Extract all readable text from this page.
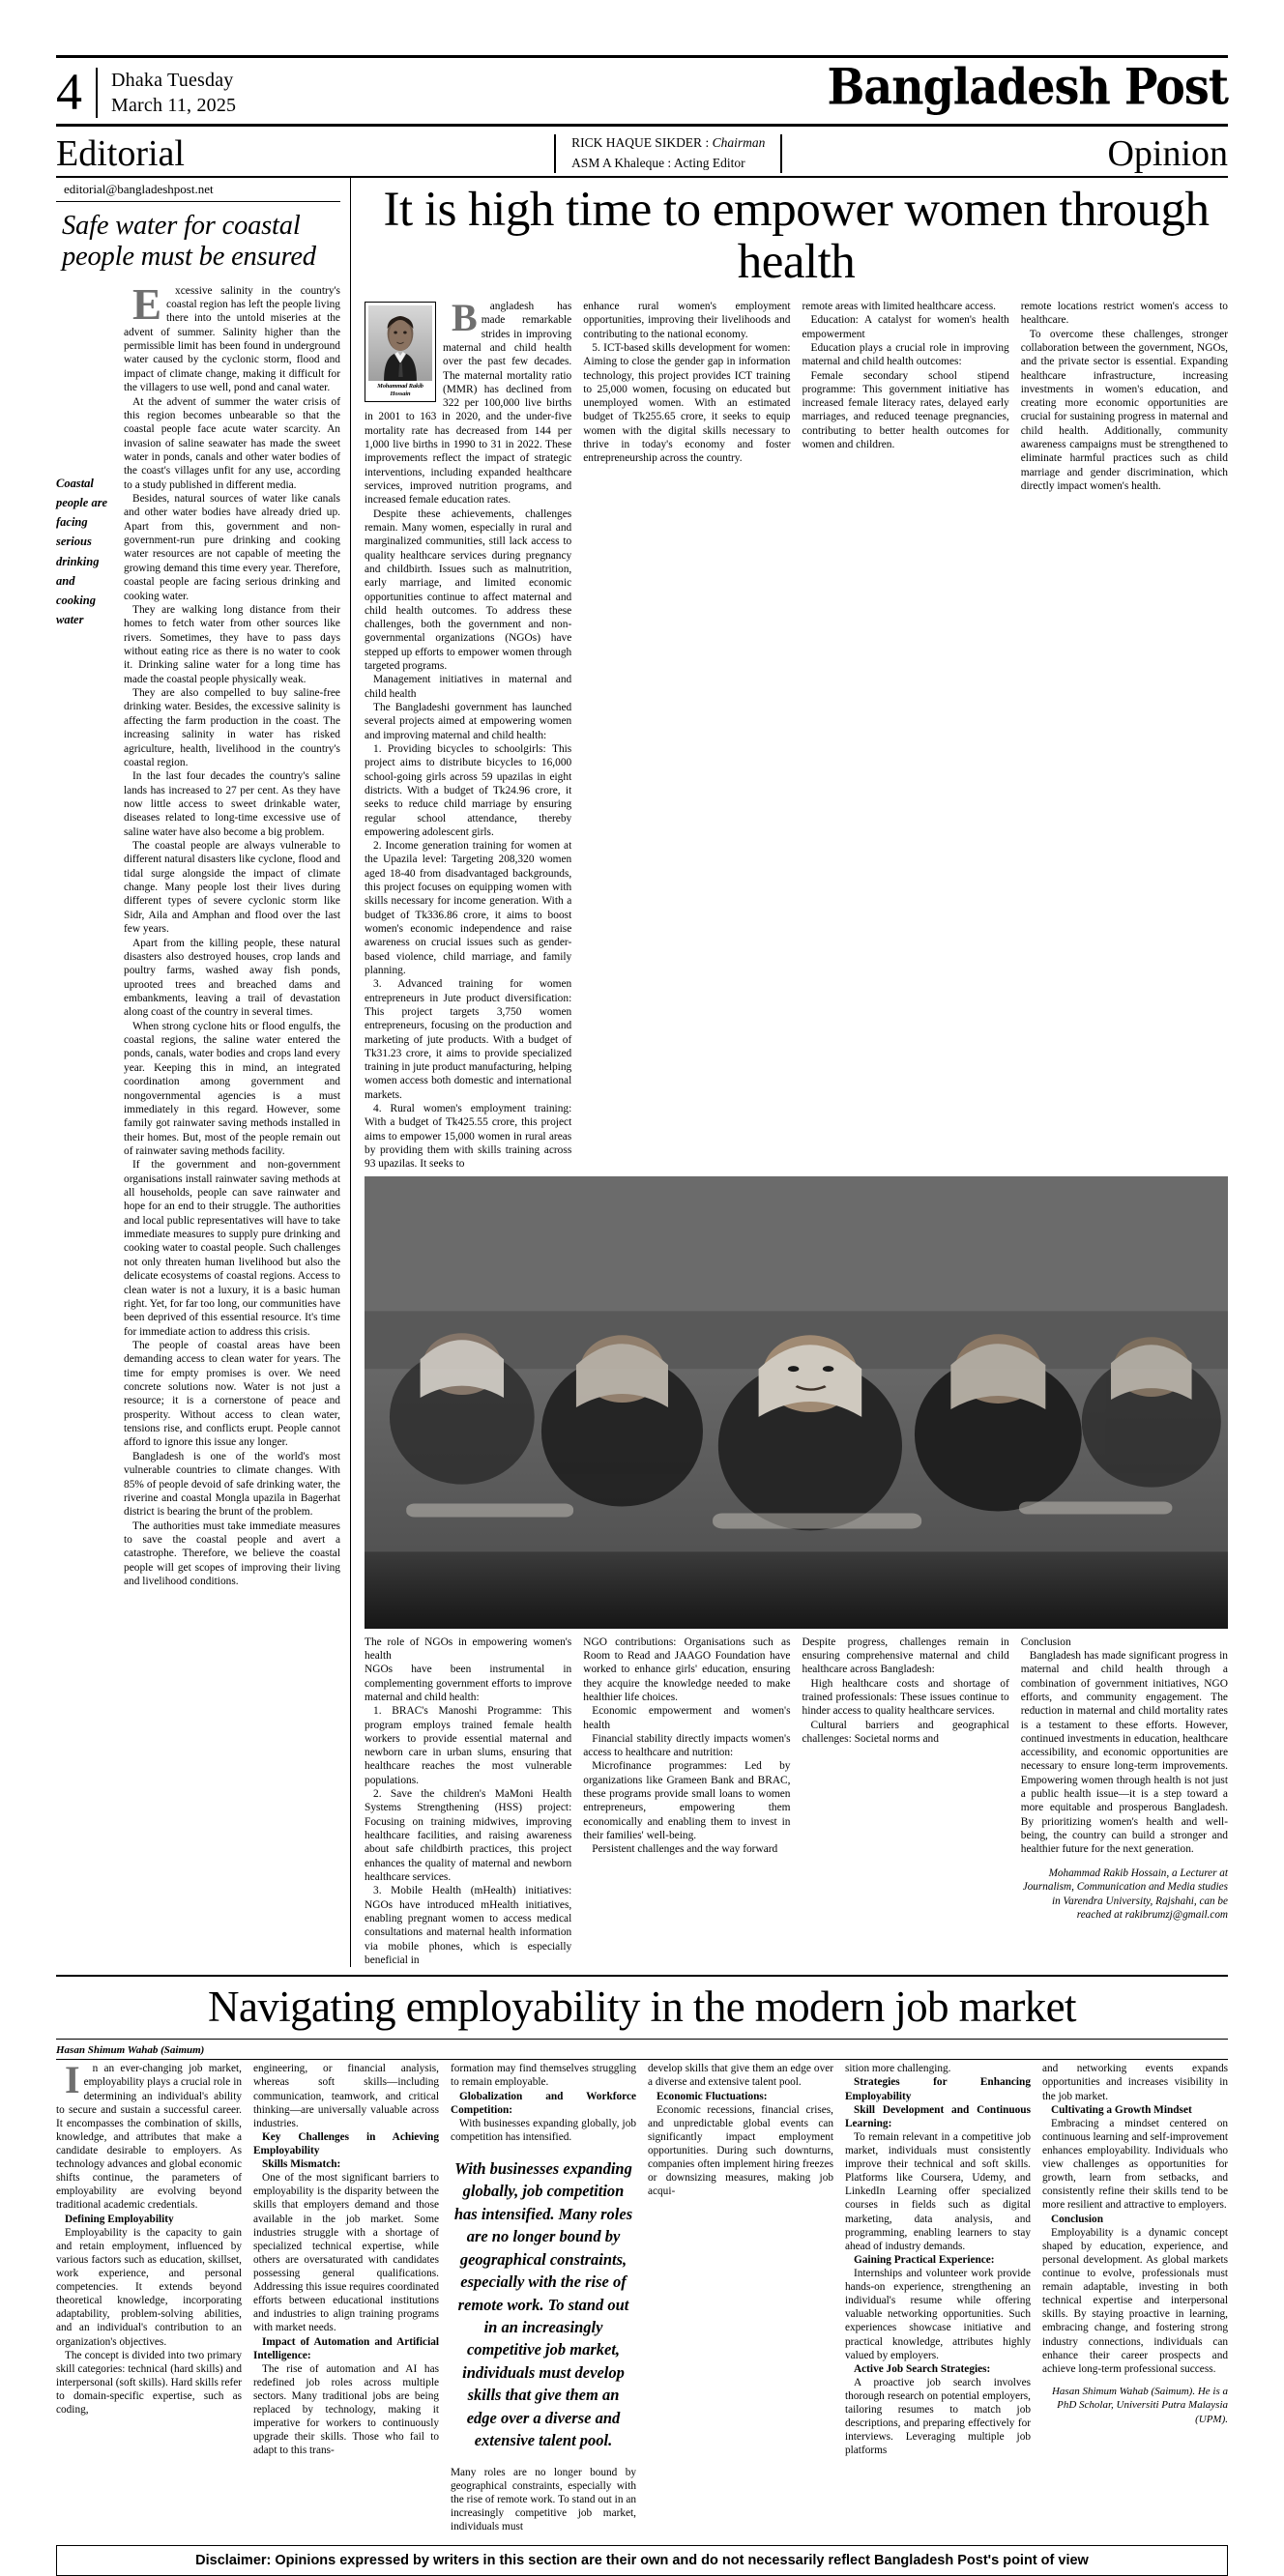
4 Dhaka Tuesday
March 11, 2025	Bangladesh Post
Editorial	RICK HAQUE SIKDER : Chairman
ASM A Khaleque : Acting Editor	Opinion
editorial@bangladeshpost.net
Safe water for coastal people must be ensured
Coastal people are facing serious drinking and cooking water

Excessive salinity in the country's coastal region has left the people living there into the untold miseries at the advent of summer. Salinity higher than the permissible limit has been found in underground water caused by the cyclonic storm, flood and impact of climate change, making it difficult for the villagers to use well, pond and canal water.

At the advent of summer the water crisis of this region becomes unbearable so that the coastal people face acute water scarcity. An invasion of saline seawater has made the sweet water in ponds, canals and other water bodies of the coast's villages unfit for any use, according to a study published in different media.

Besides, natural sources of water like canals and other water bodies have already dried up. Apart from this, government and non-government-run pure drinking and cooking water resources are not capable of meeting the growing demand this time every year. Therefore, coastal people are facing serious drinking and cooking water.

They are walking long distance from their homes to fetch water from other sources like rivers. Sometimes, they have to pass days without eating rice as there is no water to cook it. Drinking saline water for a long time has made the coastal people physically weak.

They are also compelled to buy saline-free drinking water. Besides, the excessive salinity is affecting the farm production in the coast. The increasing salinity in water has risked agriculture, health, livelihood in the country's coastal region.

In the last four decades the country's saline lands has increased to 27 per cent. As they have now little access to sweet drinkable water, diseases related to long-time excessive use of saline water have also become a big problem.

The coastal people are always vulnerable to different natural disasters like cyclone, flood and tidal surge alongside the impact of climate change. Many people lost their lives during different types of severe cyclonic storm like Sidr, Aila and Amphan and flood over the last few years.

Apart from the killing people, these natural disasters also destroyed houses, crop lands and poultry farms, washed away fish ponds, uprooted trees and breached dams and embankments, leaving a trail of devastation along coast of the country in several times.

When strong cyclone hits or flood engulfs, the coastal regions, the saline water entered the ponds, canals, water bodies and crops land every year. Keeping this in mind, an integrated coordination among government and nongovernmental agencies is a must immediately in this regard. However, some family got rainwater saving methods installed in their homes. But, most of the people remain out of rainwater saving methods facility.

If the government and non-government organisations install rainwater saving methods at all households, people can save rainwater and hope for an end to their struggle. The authorities and local public representatives will have to take immediate measures to supply pure drinking and cooking water to coastal people. Such challenges not only threaten human livelihood but also the delicate ecosystems of coastal regions. Access to clean water is not a luxury, it is a basic human right. Yet, for far too long, our communities have been deprived of this essential resource. It's time for immediate action to address this crisis.

The people of coastal areas have been demanding access to clean water for years. The time for empty promises is over. We need concrete solutions now. Water is not just a resource; it is a cornerstone of peace and prosperity. Without access to clean water, tensions rise, and conflicts erupt. People cannot afford to ignore this issue any longer.

Bangladesh is one of the world's most vulnerable countries to climate changes. With 85% of people devoid of safe drinking water, the riverine and coastal Mongla upazila in Bagerhat district is bearing the brunt of the problem.

The authorities must take immediate measures to save the coastal people and avert a catastrophe. Therefore, we believe the coastal people will get scopes of improving their living and livelihood conditions.

It is high time to empower women through health
Mohammad Rakib Hossain

Bangladesh has made remarkable strides in improving maternal and child health over the past few decades. The maternal mortality ratio (MMR) has declined from 322 per 100,000 live births in 2001 to 163 in 2020, and the under-five mortality rate has decreased from 144 per 1,000 live births in 1990 to 31 in 2022. These improvements reflect the impact of strategic interventions, including expanded healthcare services, improved nutrition programs, and increased female education rates.

Despite these achievements, challenges remain. Many women, especially in rural and marginalized communities, still lack access to quality healthcare services during pregnancy and childbirth. Issues such as malnutrition, early marriage, and limited economic opportunities continue to affect maternal and child health outcomes. To address these challenges, both the government and non-governmental organizations (NGOs) have stepped up efforts to empower women through targeted programs.

Management initiatives in maternal and child health

The Bangladeshi government has launched several projects aimed at empowering women and improving maternal and child health:

1. Providing bicycles to schoolgirls: This project aims to distribute bicycles to 16,000 school-going girls across 59 upazilas in eight districts. With a budget of Tk24.96 crore, it seeks to reduce child marriage by ensuring regular school attendance, thereby empowering adolescent girls.

2. Income generation training for women at the Upazila level: Targeting 208,320 women aged 18-40 from disadvantaged backgrounds, this project focuses on equipping women with skills necessary for income generation. With a budget of Tk336.86 crore, it aims to boost women's economic independence and raise awareness on crucial issues such as gender-based violence, child marriage, and family planning.

3. Advanced training for women entrepreneurs in Jute product diversification: This project targets 3,750 women entrepreneurs, focusing on the production and marketing of jute products. With a budget of Tk31.23 crore, it aims to provide specialized training in jute product manufacturing, helping women access both domestic and international markets.

4. Rural women's employment training: With a budget of Tk425.55 crore, this project aims to empower 15,000 women in rural areas by providing them with skills training across 93 upazilas. It seeks to

enhance rural women's employment opportunities, improving their livelihoods and contributing to the national economy.

5. ICT-based skills development for women: Aiming to close the gender gap in information technology, this project provides ICT training to 25,000 women, focusing on educated but unemployed women. With an estimated budget of Tk255.65 crore, it seeks to equip women with the digital skills necessary to thrive in today's economy and foster entrepreneurship across the country.

remote areas with limited healthcare access.

Education: A catalyst for women's health empowerment

Education plays a crucial role in improving maternal and child health outcomes:

Female secondary school stipend programme: This government initiative has increased female literacy rates, delayed early marriages, and reduced teenage pregnancies, contributing to better health outcomes for women and children.

remote locations restrict women's access to healthcare.

To overcome these challenges, stronger collaboration between the government, NGOs, and the private sector is essential. Expanding healthcare infrastructure, increasing investments in women's education, and creating more economic opportunities are crucial for sustaining progress in maternal and child health. Additionally, community awareness campaigns must be strengthened to eliminate harmful practices such as child marriage and gender discrimination, which directly impact women's health.

The role of NGOs in empowering women's health

NGOs have been instrumental in complementing government efforts to improve maternal and child health:

1. BRAC's Manoshi Programme: This program employs trained female health workers to provide essential maternal and newborn care in urban slums, ensuring that healthcare reaches the most vulnerable populations.

2. Save the children's MaMoni Health Systems Strengthening (HSS) project: Focusing on training midwives, improving healthcare facilities, and raising awareness about safe childbirth practices, this project enhances the quality of maternal and newborn healthcare services.

3. Mobile Health (mHealth) initiatives: NGOs have introduced mHealth initiatives, enabling pregnant women to access medical consultations and maternal health information via mobile phones, which is especially beneficial in

NGO contributions: Organisations such as Room to Read and JAAGO Foundation have worked to enhance girls' education, ensuring they acquire the knowledge needed to make healthier life choices.

Economic empowerment and women's health

Financial stability directly impacts women's access to healthcare and nutrition:

Microfinance programmes: Led by organizations like Grameen Bank and BRAC, these programs provide small loans to women entrepreneurs, empowering them economically and enabling them to invest in their families' well-being.

Persistent challenges and the way forward

Despite progress, challenges remain in ensuring comprehensive maternal and child healthcare across Bangladesh:

High healthcare costs and shortage of trained professionals: These issues continue to hinder access to quality healthcare services.

Cultural barriers and geographical challenges: Societal norms and

Conclusion

Bangladesh has made significant progress in maternal and child health through a combination of government initiatives, NGO efforts, and community engagement. The reduction in maternal and child mortality rates is a testament to these efforts. However, continued investments in education, healthcare accessibility, and economic opportunities are necessary to ensure long-term improvements. Empowering women through health is not just a public health issue—it is a step toward a more equitable and prosperous Bangladesh. By prioritizing women's health and well-being, the country can build a stronger and healthier future for the next generation.

Mohammad Rakib Hossain, a Lecturer at Journalism, Communication and Media studies in Varendra University, Rajshahi, can be reached at rakibrumzj@gmail.com
Navigating employability in the modern job market
Hasan Shimum Wahab (Saimum)

In an ever-changing job market, employability plays a crucial role in determining an individual's ability to secure and sustain a successful career. It encompasses the combination of skills, knowledge, and attributes that make a candidate desirable to employers. As technology advances and global economic shifts continue, the parameters of employability are evolving beyond traditional academic credentials.

Defining Employability

Employability is the capacity to gain and retain employment, influenced by various factors such as education, skillset, work experience, and personal competencies. It extends beyond theoretical knowledge, incorporating adaptability, problem-solving abilities, and an individual's contribution to an organization's objectives.

The concept is divided into two primary skill categories: technical (hard skills) and interpersonal (soft skills). Hard skills refer to domain-specific expertise, such as coding,

engineering, or financial analysis, whereas soft skills—including communication, teamwork, and critical thinking—are universally valuable across industries.

Key Challenges in Achieving Employability

Skills Mismatch:

One of the most significant barriers to employability is the disparity between the skills that employers demand and those available in the job market. Some industries struggle with a shortage of specialized technical expertise, while others are oversaturated with candidates possessing general qualifications. Addressing this issue requires coordinated efforts between educational institutions and industries to align training programs with market needs.

Impact of Automation and Artificial Intelligence:

The rise of automation and AI has redefined job roles across multiple sectors. Many traditional jobs are being replaced by technology, making it imperative for workers to continuously upgrade their skills. Those who fail to adapt to this trans-

formation may find themselves struggling to remain employable.

Globalization and Workforce Competition:

With businesses expanding globally, job competition has intensified.

With businesses expanding globally, job competition has intensified. Many roles are no longer bound by geographical constraints, especially with the rise of remote work. To stand out in an increasingly competitive job market, individuals must develop skills that give them an edge over a diverse and extensive talent pool.

Many roles are no longer bound by geographical constraints, especially with the rise of remote work. To stand out in an increasingly competitive job market, individuals must

develop skills that give them an edge over a diverse and extensive talent pool.

Economic Fluctuations:

Economic recessions, financial crises, and unpredictable global events can significantly impact employment opportunities. During such downturns, companies often implement hiring freezes or downsizing measures, making job acqui-

sition more challenging.

Strategies for Enhancing Employability

Skill Development and Continuous Learning:

To remain relevant in a competitive job market, individuals must consistently improve their technical and soft skills. Platforms like Coursera, Udemy, and LinkedIn Learning offer specialized courses in fields such as digital marketing, data analysis, and programming, enabling learners to stay ahead of industry demands.

Gaining Practical Experience:

Internships and volunteer work provide hands-on experience, strengthening an individual's resume while offering valuable networking opportunities. Such experiences showcase initiative and practical knowledge, attributes highly valued by employers.

Active Job Search Strategies:

A proactive job search involves thorough research on potential employers, tailoring resumes to match job descriptions, and preparing effectively for interviews. Leveraging multiple job platforms

and networking events expands opportunities and increases visibility in the job market.

Cultivating a Growth Mindset

Embracing a mindset centered on continuous learning and self-improvement enhances employability. Individuals who view challenges as opportunities for growth, learn from setbacks, and consistently refine their skills tend to be more resilient and attractive to employers.

Conclusion

Employability is a dynamic concept shaped by education, experience, and personal development. As global markets continue to evolve, professionals must remain adaptable, investing in both technical expertise and interpersonal skills. By staying proactive in learning, embracing change, and fostering strong industry connections, individuals can enhance their career prospects and achieve long-term professional success.

Hasan Shimum Wahab (Saimum). He is a PhD Scholar, Universiti Putra Malaysia (UPM).
Disclaimer: Opinions expressed by writers in this section are their own and do not necessarily reflect Bangladesh Post's point of view
